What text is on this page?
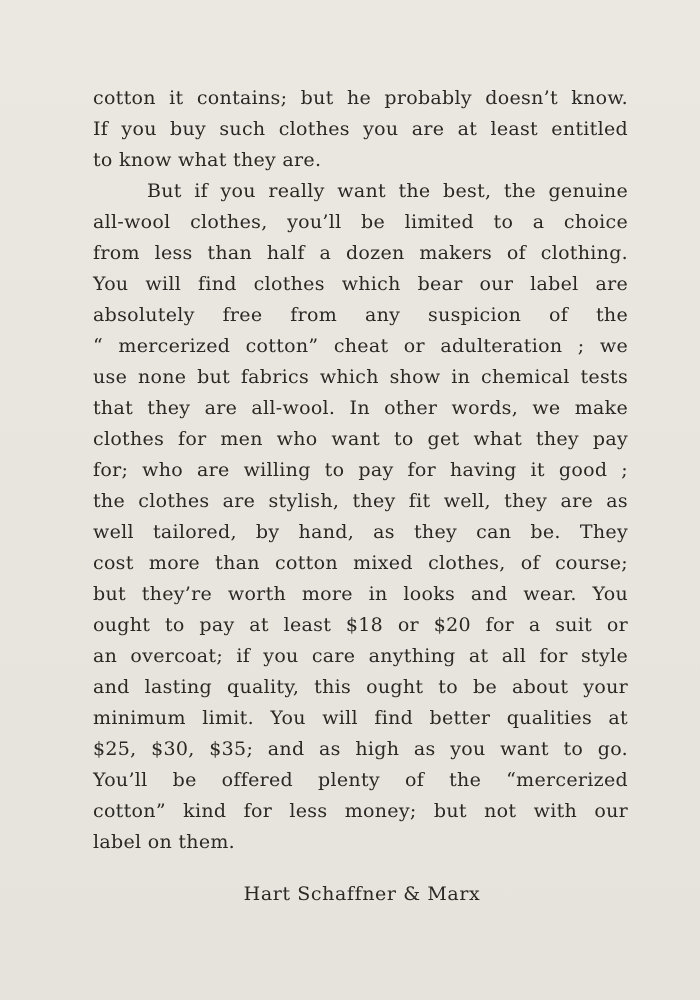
cotton it contains; but he probably doesn’t know.
If you buy such clothes you are at least entitled
to know what they are.
But if you really want the best, the genuine
all-wool clothes, you’ll be limited to a choice
from less than half a dozen makers of clothing.
You will find clothes which bear our label are
absolutely free from any suspicion of the
“ mercerized cotton” cheat or adulteration ; we
use none but fabrics which show in chemical tests
that they are all-wool. In other words, we make
clothes for men who want to get what they pay
for; who are willing to pay for having it good ;
the clothes are stylish, they fit well, they are as
well tailored, by hand, as they can be. They
cost more than cotton mixed clothes, of course;
but they’re worth more in looks and wear. You
ought to pay at least $18 or $20 for a suit or
an overcoat; if you care anything at all for style
and lasting quality, this ought to be about your
minimum limit. You will find better qualities at
$25, $30, $35; and as high as you want to go.
You’ll be offered plenty of the “mercerized
cotton” kind for less money; but not with our
label on them.
Hart Schaffner & Marx
